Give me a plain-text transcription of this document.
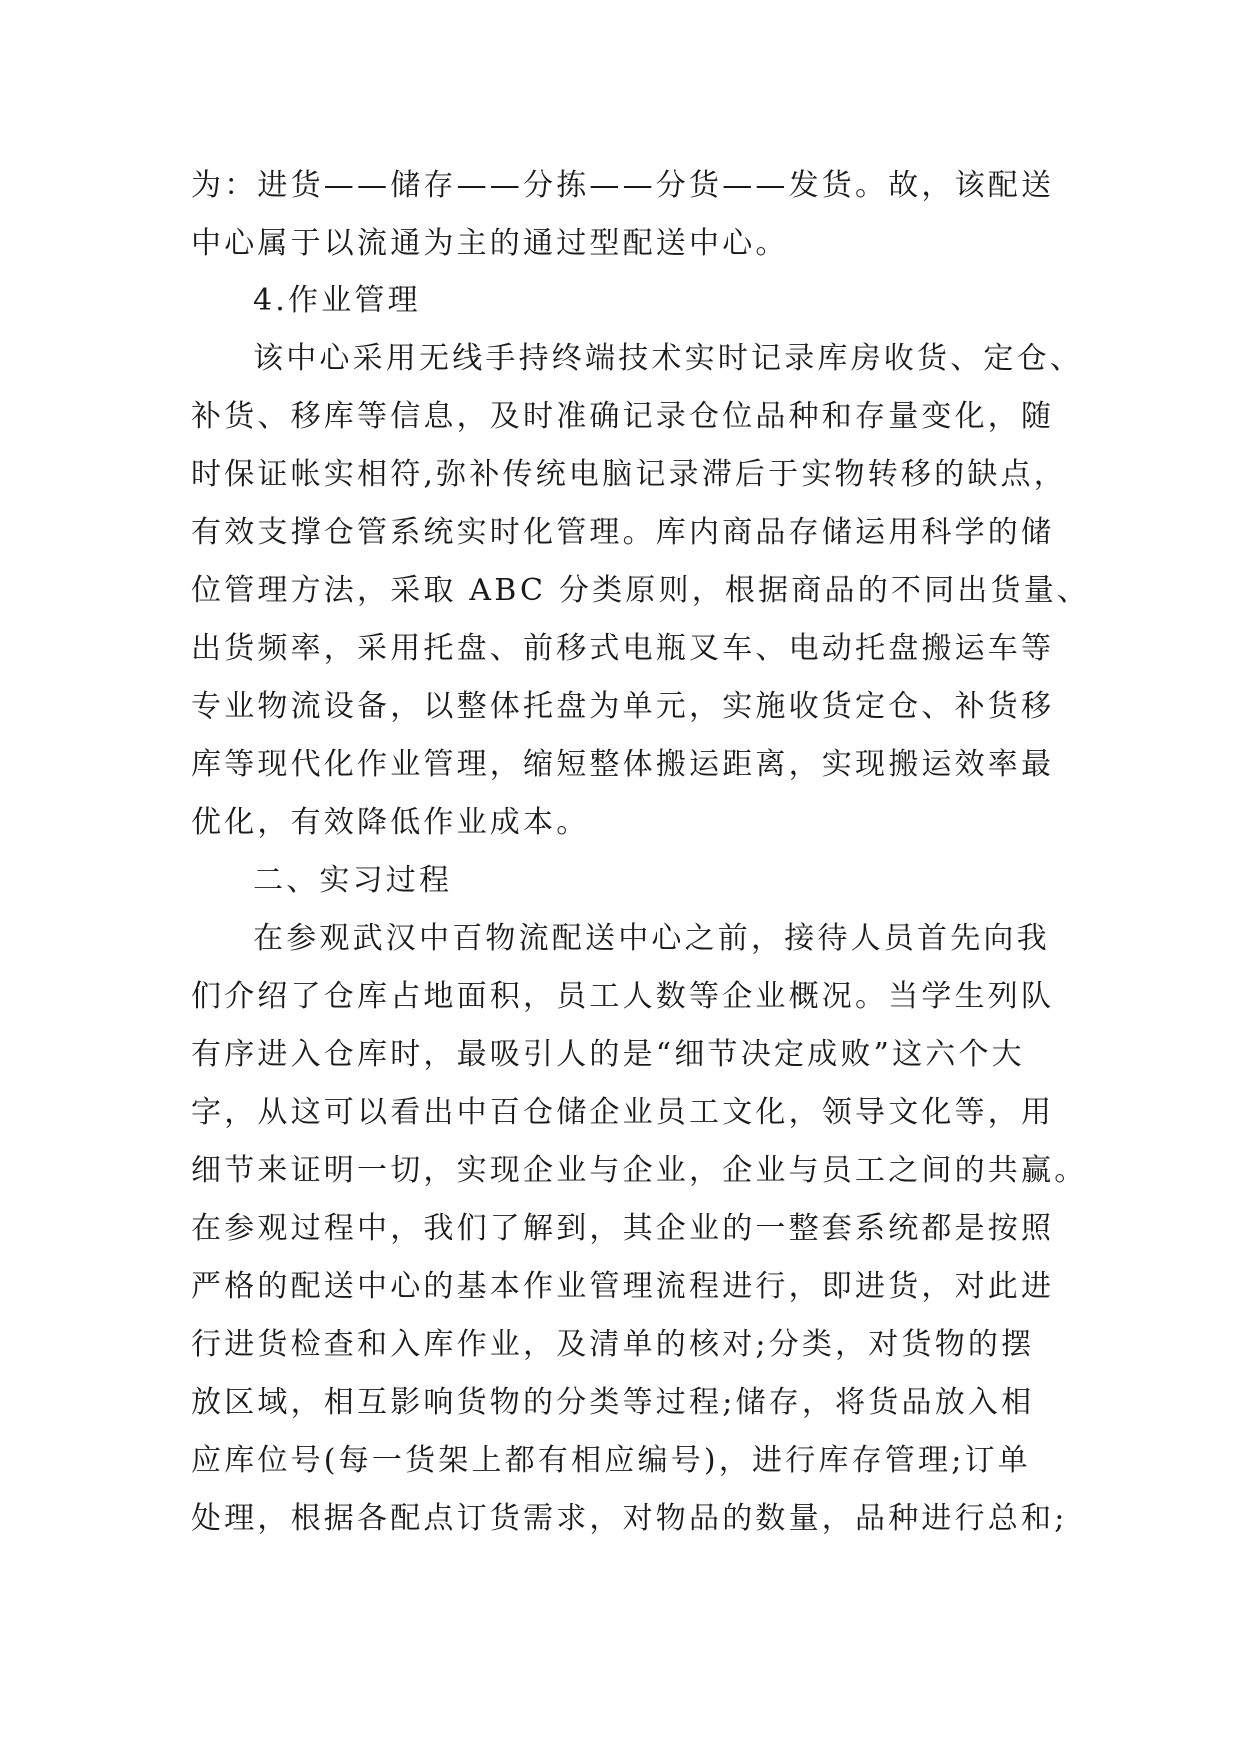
为：进货——储存——分拣——分货——发货。故，该配送
中心属于以流通为主的通过型配送中心。
4.作业管理
该中心采用无线手持终端技术实时记录库房收货、定仓、
补货、移库等信息，及时准确记录仓位品种和存量变化，随
时保证帐实相符,弥补传统电脑记录滞后于实物转移的缺点，
有效支撑仓管系统实时化管理。库内商品存储运用科学的储
位管理方法，采取 ABC 分类原则，根据商品的不同出货量、
出货频率，采用托盘、前移式电瓶叉车、电动托盘搬运车等
专业物流设备，以整体托盘为单元，实施收货定仓、补货移
库等现代化作业管理，缩短整体搬运距离，实现搬运效率最
优化，有效降低作业成本。
二、实习过程
在参观武汉中百物流配送中心之前，接待人员首先向我
们介绍了仓库占地面积，员工人数等企业概况。当学生列队
有序进入仓库时，最吸引人的是“细节决定成败”这六个大
字，从这可以看出中百仓储企业员工文化，领导文化等，用
细节来证明一切，实现企业与企业，企业与员工之间的共赢。
在参观过程中，我们了解到，其企业的一整套系统都是按照
严格的配送中心的基本作业管理流程进行，即进货，对此进
行进货检查和入库作业，及清单的核对;分类，对货物的摆
放区域，相互影响货物的分类等过程;储存，将货品放入相
应库位号(每一货架上都有相应编号)，进行库存管理;订单
处理，根据各配点订货需求，对物品的数量，品种进行总和;
